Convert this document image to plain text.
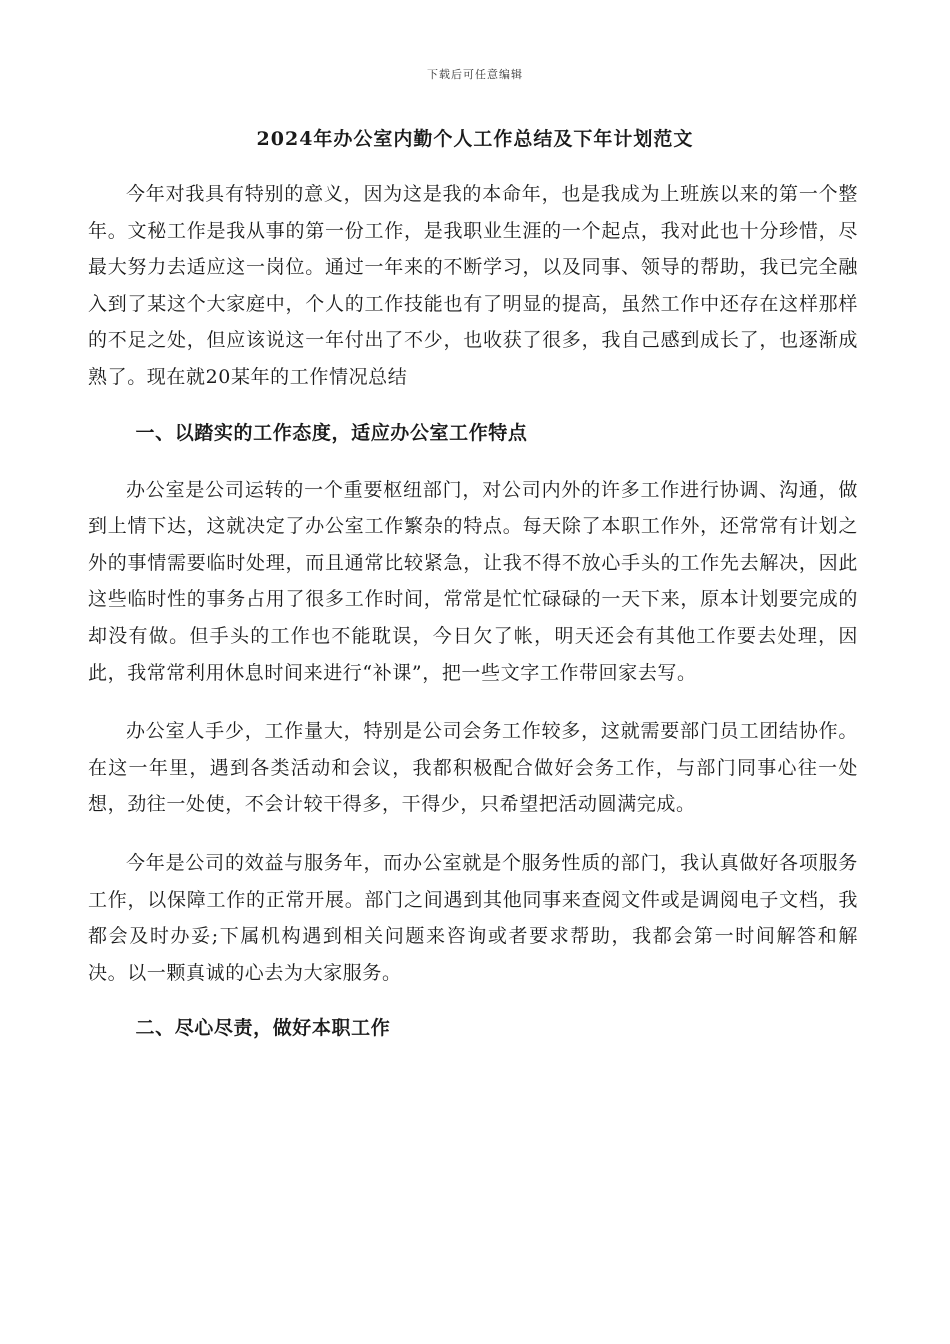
下载后可任意编辑
2024年办公室内勤个人工作总结及下年计划范文

今年对我具有特别的意义，因为这是我的本命年，也是我成为上班族以来的第一个整年。文秘工作是我从事的第一份工作，是我职业生涯的一个起点，我对此也十分珍惜，尽最大努力去适应这一岗位。通过一年来的不断学习，以及同事、领导的帮助，我已完全融入到了某这个大家庭中，个人的工作技能也有了明显的提高，虽然工作中还存在这样那样的不足之处，但应该说这一年付出了不少，也收获了很多，我自己感到成长了，也逐渐成熟了。现在就20某年的工作情况总结

一、以踏实的工作态度，适应办公室工作特点

办公室是公司运转的一个重要枢纽部门，对公司内外的许多工作进行协调、沟通，做到上情下达，这就决定了办公室工作繁杂的特点。每天除了本职工作外，还常常有计划之外的事情需要临时处理，而且通常比较紧急，让我不得不放心手头的工作先去解决，因此这些临时性的事务占用了很多工作时间，常常是忙忙碌碌的一天下来，原本计划要完成的却没有做。但手头的工作也不能耽误，今日欠了帐，明天还会有其他工作要去处理，因此，我常常利用休息时间来进行“补课”，把一些文字工作带回家去写。

办公室人手少，工作量大，特别是公司会务工作较多，这就需要部门员工团结协作。在这一年里，遇到各类活动和会议，我都积极配合做好会务工作，与部门同事心往一处想，劲往一处使，不会计较干得多，干得少，只希望把活动圆满完成。

今年是公司的效益与服务年，而办公室就是个服务性质的部门，我认真做好各项服务工作，以保障工作的正常开展。部门之间遇到其他同事来查阅文件或是调阅电子文档，我都会及时办妥;下属机构遇到相关问题来咨询或者要求帮助，我都会第一时间解答和解决。以一颗真诚的心去为大家服务。

二、尽心尽责，做好本职工作
